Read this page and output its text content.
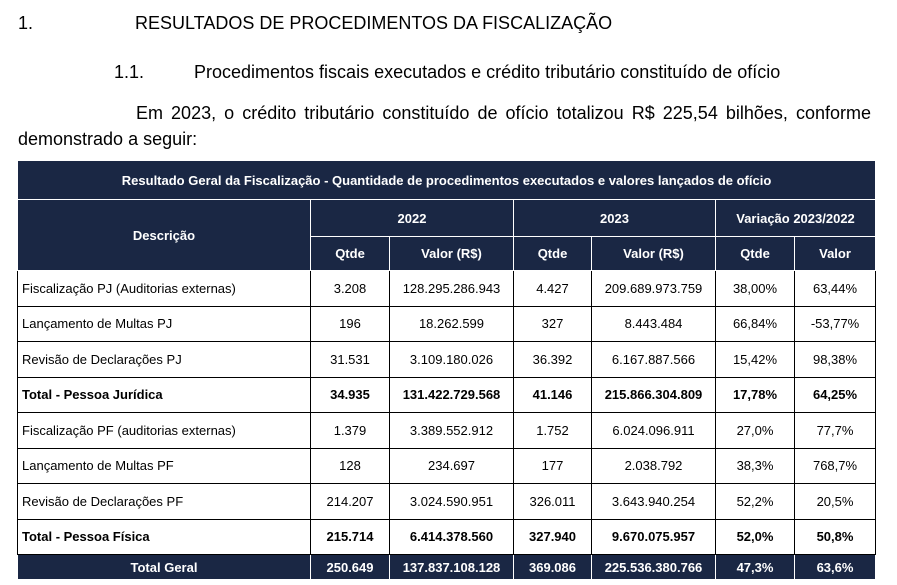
1.	RESULTADOS DE PROCEDIMENTOS DA FISCALIZAÇÃO
1.1.	Procedimentos fiscais executados e crédito tributário constituído de ofício
Em 2023, o crédito tributário constituído de ofício totalizou R$ 225,54 bilhões, conforme demonstrado a seguir:
Resultado Geral da Fiscalização - Quantidade de procedimentos executados e valores lançados de ofício						
Descrição	2022		2023		Variação 2023/2022	
	Qtde	Valor (R$)	Qtde	Valor (R$)	Qtde	Valor
Fiscalização PJ (Auditorias externas)	3.208	128.295.286.943	4.427	209.689.973.759	38,00%	63,44%
Lançamento de Multas PJ	196	18.262.599	327	8.443.484	66,84%	-53,77%
Revisão de Declarações PJ	31.531	3.109.180.026	36.392	6.167.887.566	15,42%	98,38%
Total - Pessoa Jurídica	34.935	131.422.729.568	41.146	215.866.304.809	17,78%	64,25%
Fiscalização PF (auditorias externas)	1.379	3.389.552.912	1.752	6.024.096.911	27,0%	77,7%
Lançamento de Multas PF	128	234.697	177	2.038.792	38,3%	768,7%
Revisão de Declarações PF	214.207	3.024.590.951	326.011	3.643.940.254	52,2%	20,5%
Total - Pessoa Física	215.714	6.414.378.560	327.940	9.670.075.957	52,0%	50,8%
Total Geral	250.649	137.837.108.128	369.086	225.536.380.766	47,3%	63,6%
